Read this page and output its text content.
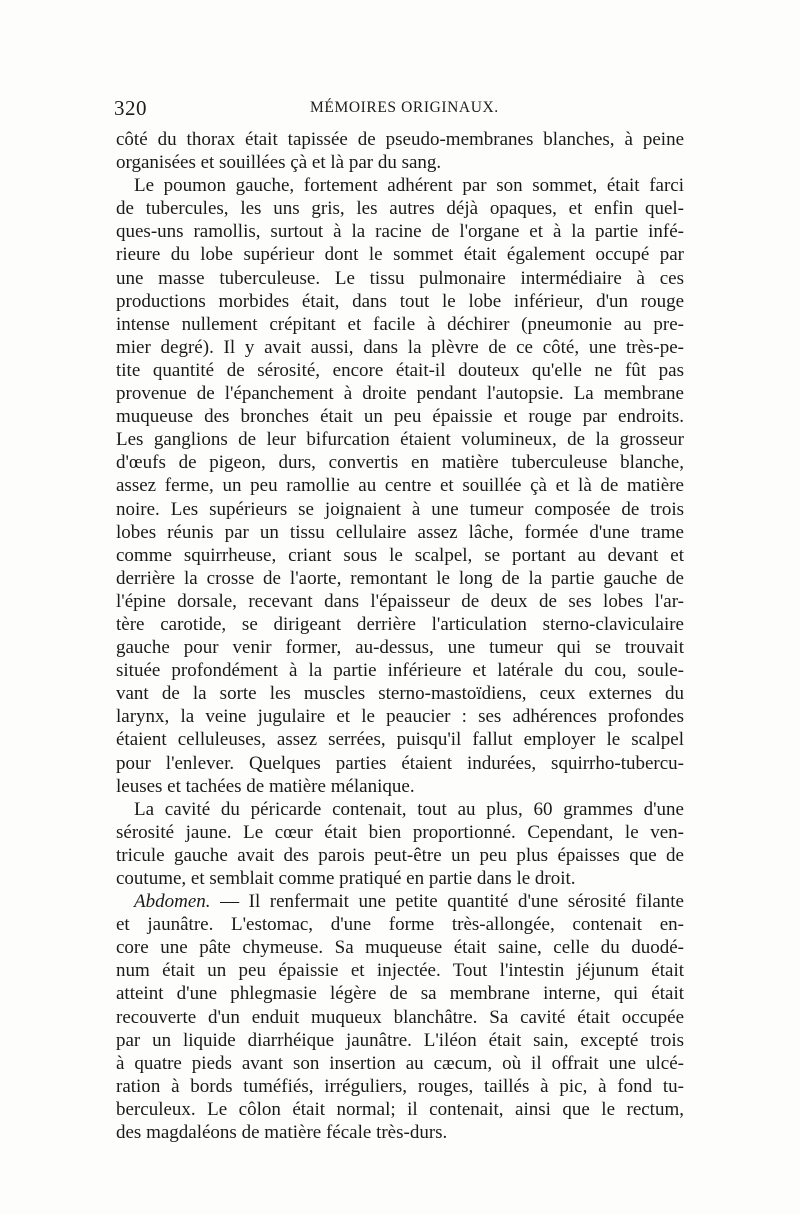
320	MÉMOIRES ORIGINAUX.
côté du thorax était tapissée de pseudo-membranes blanches, à peine
organisées et souillées çà et là par du sang.
Le poumon gauche, fortement adhérent par son sommet, était farci
de tubercules, les uns gris, les autres déjà opaques, et enfin quel-
ques-uns ramollis, surtout à la racine de l'organe et à la partie infé-
rieure du lobe supérieur dont le sommet était également occupé par
une masse tuberculeuse. Le tissu pulmonaire intermédiaire à ces
productions morbides était, dans tout le lobe inférieur, d'un rouge
intense nullement crépitant et facile à déchirer (pneumonie au pre-
mier degré). Il y avait aussi, dans la plèvre de ce côté, une très-pe-
tite quantité de sérosité, encore était-il douteux qu'elle ne fût pas
provenue de l'épanchement à droite pendant l'autopsie. La membrane
muqueuse des bronches était un peu épaissie et rouge par endroits.
Les ganglions de leur bifurcation étaient volumineux, de la grosseur
d'œufs de pigeon, durs, convertis en matière tuberculeuse blanche,
assez ferme, un peu ramollie au centre et souillée çà et là de matière
noire. Les supérieurs se joignaient à une tumeur composée de trois
lobes réunis par un tissu cellulaire assez lâche, formée d'une trame
comme squirrheuse, criant sous le scalpel, se portant au devant et
derrière la crosse de l'aorte, remontant le long de la partie gauche de
l'épine dorsale, recevant dans l'épaisseur de deux de ses lobes l'ar-
tère carotide, se dirigeant derrière l'articulation sterno-claviculaire
gauche pour venir former, au-dessus, une tumeur qui se trouvait
située profondément à la partie inférieure et latérale du cou, soule-
vant de la sorte les muscles sterno-mastoïdiens, ceux externes du
larynx, la veine jugulaire et le peaucier : ses adhérences profondes
étaient celluleuses, assez serrées, puisqu'il fallut employer le scalpel
pour l'enlever. Quelques parties étaient indurées, squirrho-tubercu-
leuses et tachées de matière mélanique.
La cavité du péricarde contenait, tout au plus, 60 grammes d'une
sérosité jaune. Le cœur était bien proportionné. Cependant, le ven-
tricule gauche avait des parois peut-être un peu plus épaisses que de
coutume, et semblait comme pratiqué en partie dans le droit.
Abdomen. — Il renfermait une petite quantité d'une sérosité filante
et jaunâtre. L'estomac, d'une forme très-allongée, contenait en-
core une pâte chymeuse. Sa muqueuse était saine, celle du duodé-
num était un peu épaissie et injectée. Tout l'intestin jéjunum était
atteint d'une phlegmasie légère de sa membrane interne, qui était
recouverte d'un enduit muqueux blanchâtre. Sa cavité était occupée
par un liquide diarrhéique jaunâtre. L'iléon était sain, excepté trois
à quatre pieds avant son insertion au cæcum, où il offrait une ulcé-
ration à bords tuméfiés, irréguliers, rouges, taillés à pic, à fond tu-
berculeux. Le côlon était normal; il contenait, ainsi que le rectum,
des magdaléons de matière fécale très-durs.
